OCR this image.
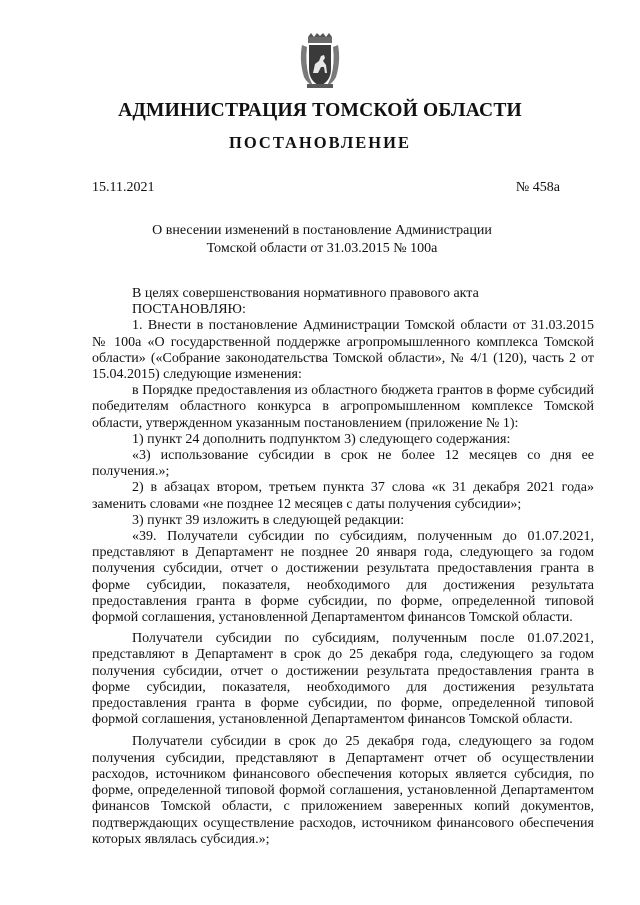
АДМИНИСТРАЦИЯ ТОМСКОЙ ОБЛАСТИ
ПОСТАНОВЛЕНИЕ
15.11.2021	№ 458а
О внесении изменений в постановление Администрации
Томской области от 31.03.2015 № 100а

В целях совершенствования нормативного правового акта

ПОСТАНОВЛЯЮ:

1. Внести в постановление Администрации Томской области от 31.03.2015 № 100а «О государственной поддержке агропромышленного комплекса Томской области» («Собрание законодательства Томской области», № 4/1 (120), часть 2 от 15.04.2015) следующие изменения:

в Порядке предоставления из областного бюджета грантов в форме субсидий победителям областного конкурса в агропромышленном комплексе Томской области, утвержденном указанным постановлением (приложение № 1):

1) пункт 24 дополнить подпунктом 3) следующего содержания:

«3) использование субсидии в срок не более 12 месяцев со дня ее получения.»;

2) в абзацах втором, третьем пункта 37 слова «к 31 декабря 2021 года» заменить словами «не позднее 12 месяцев с даты получения субсидии»;

3) пункт 39 изложить в следующей редакции:

«39. Получатели субсидии по субсидиям, полученным до 01.07.2021, представляют в Департамент не позднее 20 января года, следующего за годом получения субсидии, отчет о достижении результата предоставления гранта в форме субсидии, показателя, необходимого для достижения результата предоставления гранта в форме субсидии, по форме, определенной типовой формой соглашения, установленной Департаментом финансов Томской области.

Получатели субсидии по субсидиям, полученным после 01.07.2021, представляют в Департамент в срок до 25 декабря года, следующего за годом получения субсидии, отчет о достижении результата предоставления гранта в форме субсидии, показателя, необходимого для достижения результата предоставления гранта в форме субсидии, по форме, определенной типовой формой соглашения, установленной Департаментом финансов Томской области.

Получатели субсидии в срок до 25 декабря года, следующего за годом получения субсидии, представляют в Департамент отчет об осуществлении расходов, источником финансового обеспечения которых является субсидия, по форме, определенной типовой формой соглашения, установленной Департаментом финансов Томской области, с приложением заверенных копий документов, подтверждающих осуществление расходов, источником финансового обеспечения которых являлась субсидия.»;
